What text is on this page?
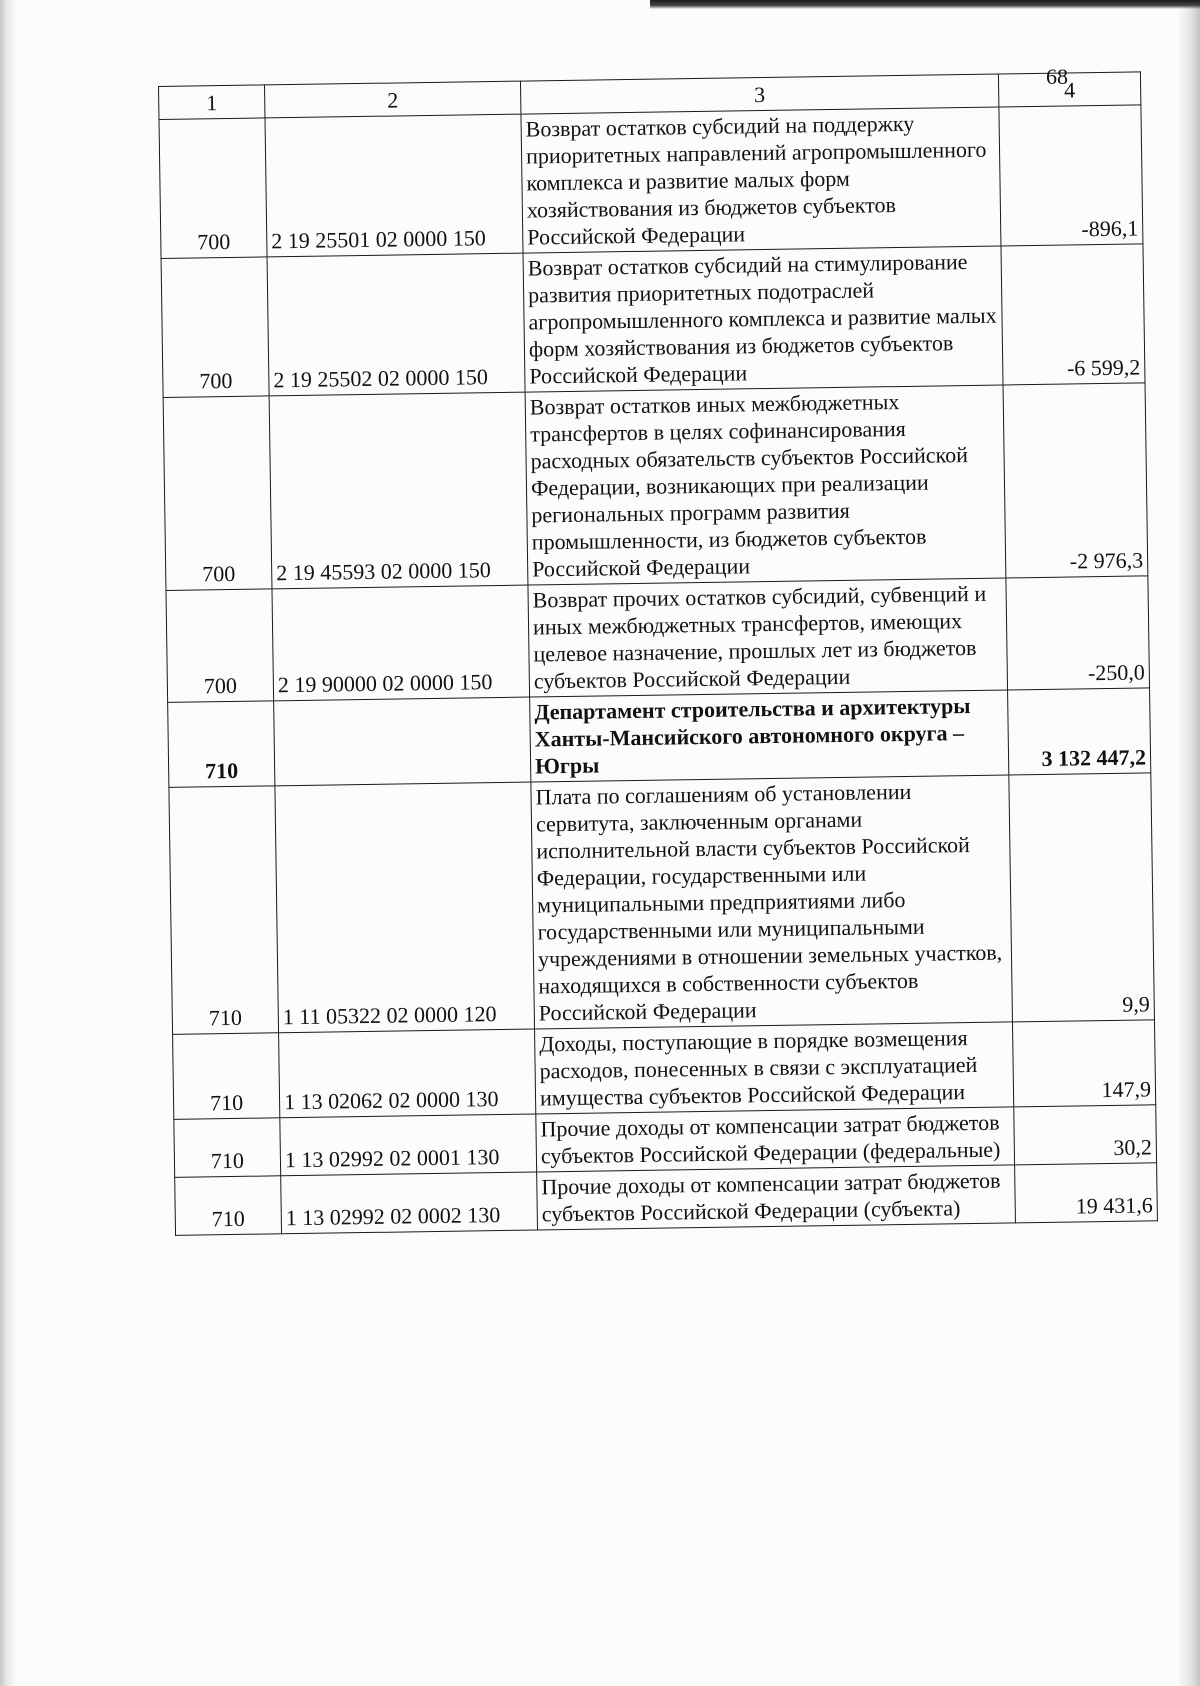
68
1	2	3	4
700	2 19 25501 02 0000 150	Возврат остатков субсидий на поддержку приоритетных направлений агропромышленного комплекса и развитие малых форм хозяйствования из бюджетов субъектов Российской Федерации	-896,1
700	2 19 25502 02 0000 150	Возврат остатков субсидий на стимулирование развития приоритетных подотраслей агропромышленного комплекса и развитие малых форм хозяйствования из бюджетов субъектов Российской Федерации	-6 599,2
700	2 19 45593 02 0000 150	Возврат остатков иных межбюджетных трансфертов в целях софинансирования расходных обязательств субъектов Российской Федерации, возникающих при реализации региональных программ развития промышленности, из бюджетов субъектов Российской Федерации	-2 976,3
700	2 19 90000 02 0000 150	Возврат прочих остатков субсидий, субвенций и иных межбюджетных трансфертов, имеющих целевое назначение, прошлых лет из бюджетов субъектов Российской Федерации	-250,0
710		Департамент строительства и архитектуры Ханты-Мансийского автономного округа – Югры	3 132 447,2
710	1 11 05322 02 0000 120	Плата по соглашениям об установлении сервитута, заключенным органами исполнительной власти субъектов Российской Федерации, государственными или муниципальными предприятиями либо государственными или муниципальными учреждениями в отношении земельных участков, находящихся в собственности субъектов Российской Федерации	9,9
710	1 13 02062 02 0000 130	Доходы, поступающие в порядке возмещения расходов, понесенных в связи с эксплуатацией имущества субъектов Российской Федерации	147,9
710	1 13 02992 02 0001 130	Прочие доходы от компенсации затрат бюджетов субъектов Российской Федерации (федеральные)	30,2
710	1 13 02992 02 0002 130	Прочие доходы от компенсации затрат бюджетов субъектов Российской Федерации (субъекта)	19 431,6
